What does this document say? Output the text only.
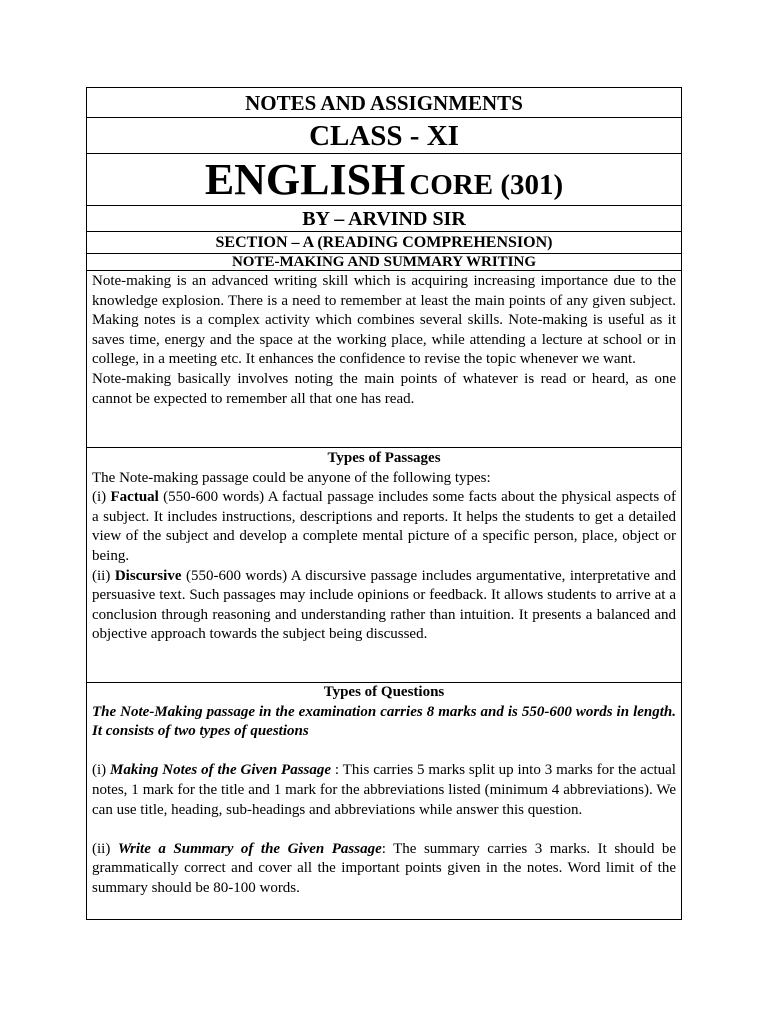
NOTES AND ASSIGNMENTS
CLASS - XI
ENGLISH CORE (301)
BY – ARVIND SIR
SECTION – A (READING COMPREHENSION)
NOTE-MAKING AND SUMMARY WRITING

Note-making is an advanced writing skill which is acquiring increasing importance due to the knowledge explosion. There is a need to remember at least the main points of any given subject. Making notes is a complex activity which combines several skills. Note-making is useful as it saves time, energy and the space at the working place, while attending a lecture at school or in college, in a meeting etc. It enhances the confidence to revise the topic whenever we want.

Note-making basically involves noting the main points of whatever is read or heard, as one cannot be expected to remember all that one has read.

Types of Passages

The Note-making passage could be anyone of the following types:

(i) Factual (550-600 words) A factual passage includes some facts about the physical aspects of a subject. It includes instructions, descriptions and reports. It helps the students to get a detailed view of the subject and develop a complete mental picture of a specific person, place, object or being.

(ii) Discursive (550-600 words) A discursive passage includes argumentative, interpretative and persuasive text. Such passages may include opinions or feedback. It allows students to arrive at a conclusion through reasoning and understanding rather than intuition. It presents a balanced and objective approach towards the subject being discussed.

Types of Questions

The Note-Making passage in the examination carries 8 marks and is 550-600 words in length. It consists of two types of questions

(i) Making Notes of the Given Passage : This carries 5 marks split up into 3 marks for the actual notes, 1 mark for the title and 1 mark for the abbreviations listed (minimum 4 abbreviations). We can use title, heading, sub-headings and abbreviations while answer this question.

(ii) Write a Summary of the Given Passage: The summary carries 3 marks. It should be grammatically correct and cover all the important points given in the notes. Word limit of the summary should be 80-100 words.
